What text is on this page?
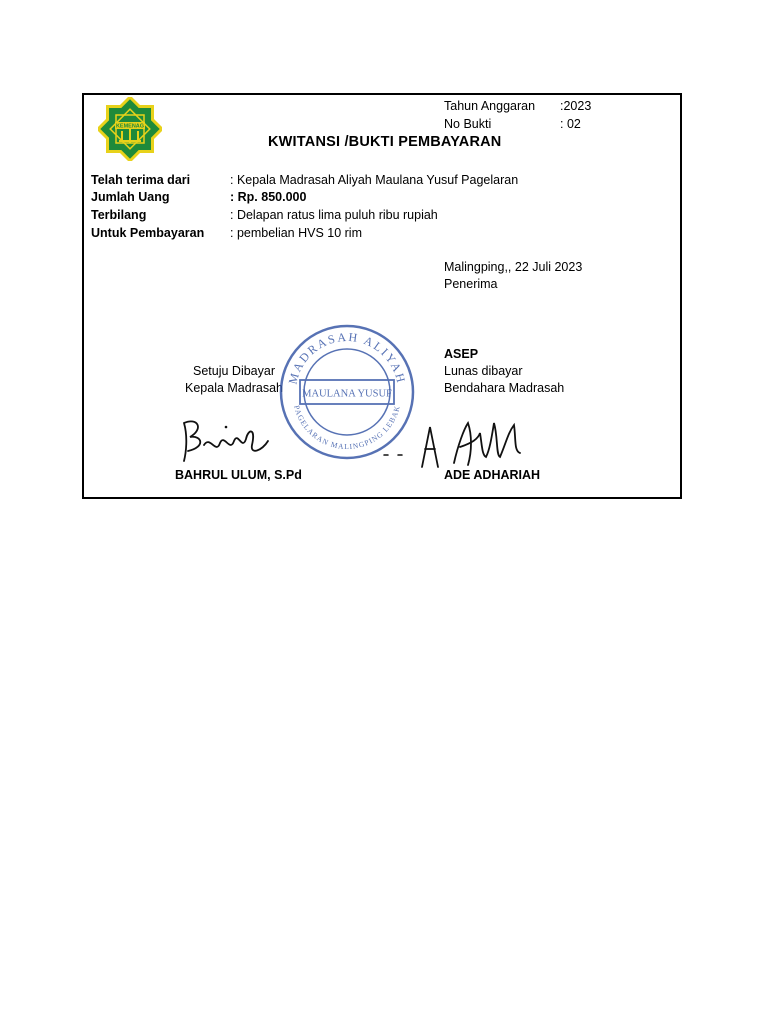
KEMENAG
Tahun Anggaran :2023
No Bukti	: 02
KWITANSI /BUKTI PEMBAYARAN
Telah terima dari	: Kepala Madrasah Aliyah Maulana Yusuf Pagelaran
Jumlah Uang	: Rp. 850.000
Terbilang	: Delapan ratus lima puluh ribu rupiah
Untuk Pembayaran : pembelian HVS 10 rim
Malingping,, 22 Juli 2023
Penerima
ASEP
Lunas dibayar
Bendahara Madrasah
ADE ADHARIAH
Setuju Dibayar
Kepala Madrasah
BAHRUL ULUM, S.Pd
MADRASAH ALIYAH
PAGELARAN MALINGPING LEBAK
MAULANA YUSUF
